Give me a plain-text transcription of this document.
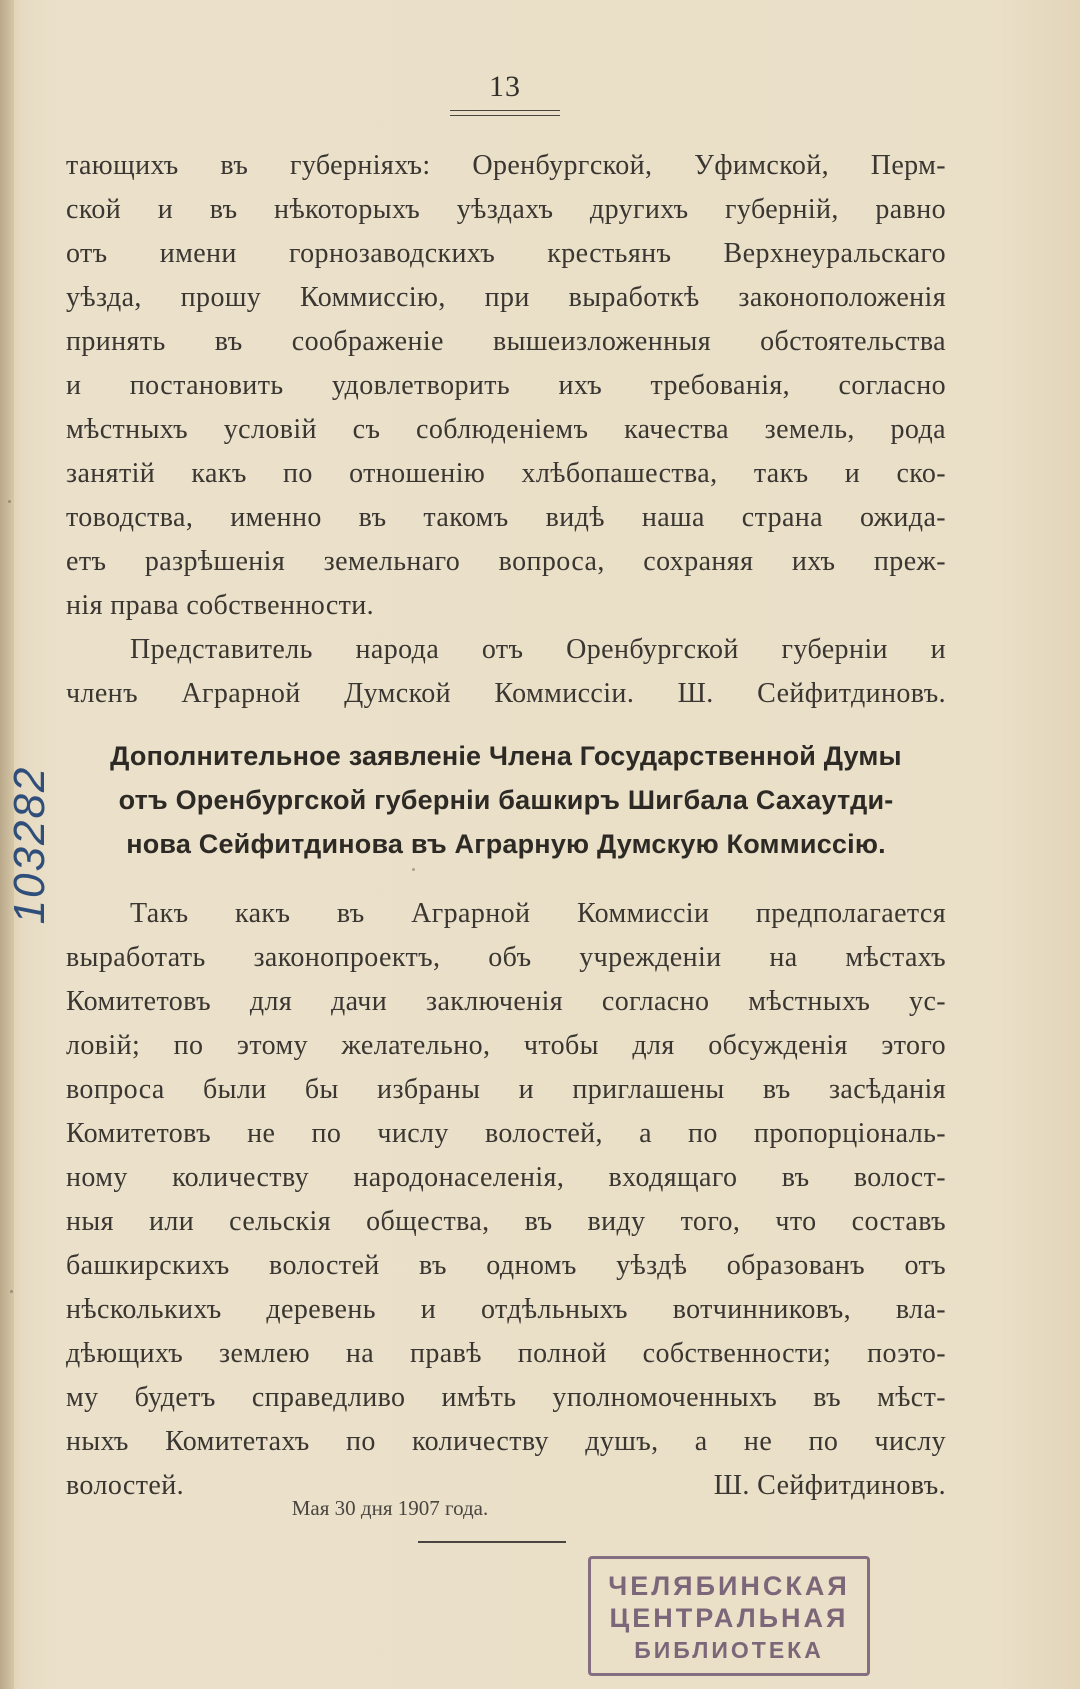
13
тающихъ въ губерніяхъ: Оренбургской, Уфимской, Перм-
ской и въ нѣкоторыхъ уѣздахъ другихъ губерній, равно
отъ имени горнозаводскихъ крестьянъ Верхнеуральскаго
уѣзда, прошу Коммиссію, при выработкѣ законоположенія
принять въ соображеніе вышеизложенныя обстоятельства
и постановить удовлетворить ихъ требованія, согласно
мѣстныхъ условій съ соблюденіемъ качества земель, рода
занятій какъ по отношенію хлѣбопашества, такъ и ско-
товодства, именно въ такомъ видѣ наша страна ожида-
етъ разрѣшенія земельнаго вопроса, сохраняя ихъ преж-
нія права собственности.
Представитель народа отъ Оренбургской губерніи и
членъ Аграрной Думской Коммиссіи. Ш. Сейфитдиновъ.
Дополнительное заявленіе Члена Государственной Думы
отъ Оренбургской губерніи башкиръ Шигбала Сахаутди-
нова Сейфитдинова въ Аграрную Думскую Коммиссію.
Такъ какъ въ Аграрной Коммиссіи предполагается
выработать законопроектъ, объ учрежденіи на мѣстахъ
Комитетовъ для дачи заключенія согласно мѣстныхъ ус-
ловій; по этому желательно, чтобы для обсужденія этого
вопроса были бы избраны и приглашены въ засѣданія
Комитетовъ не по числу волостей, а по пропорціональ-
ному количеству народонаселенія, входящаго въ волост-
ныя или сельскія общества, въ виду того, что составъ
башкирскихъ волостей въ одномъ уѣздѣ образованъ отъ
нѣсколькихъ деревень и отдѣльныхъ вотчинниковъ, вла-
дѣющихъ землею на правѣ полной собственности; поэто-
му будетъ справедливо имѣть уполномоченныхъ въ мѣст-
ныхъ Комитетахъ по количеству душъ, а не по числу
волостей.	Ш. Сейфитдиновъ.
Мая 30 дня 1907 года.
103282
ЧЕЛЯБИНСКАЯ
ЦЕНТРАЛЬНАЯ
БИБЛИОТЕКА
